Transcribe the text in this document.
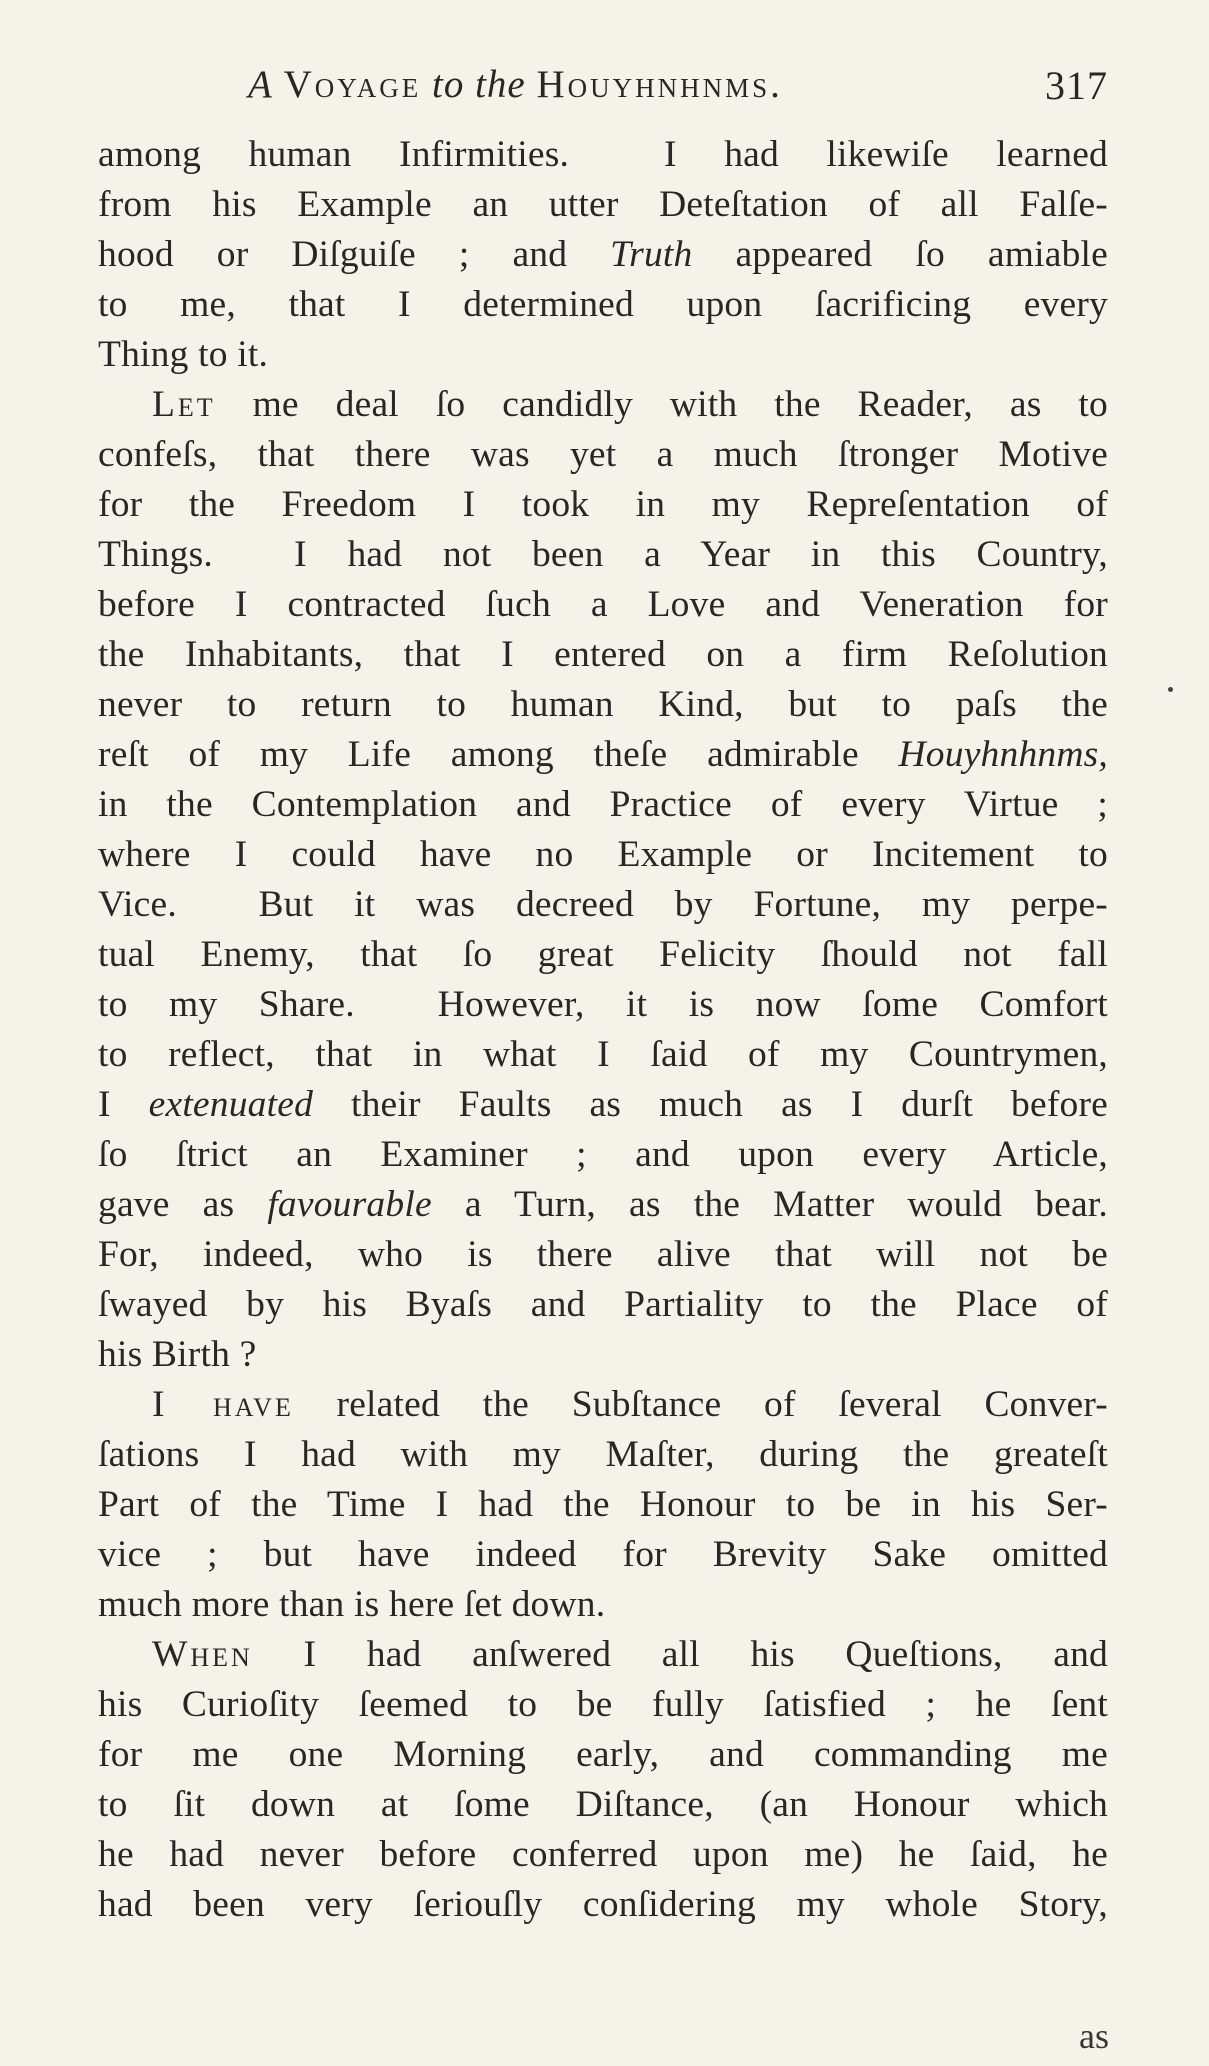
A Voyage to the Houyhnhnms.	317
among human Infirmities.  I had likewiſe learned
from his Example an utter Deteſtation of all Falſe-
hood or Diſguiſe ; and Truth appeared ſo amiable
to me, that I determined upon ſacrificing every
Thing to it.
Let me deal ſo candidly with the Reader, as to
confeſs, that there was yet a much ſtronger Motive
for the Freedom I took in my Repreſentation of
Things.  I had not been a Year in this Country,
before I contracted ſuch a Love and Veneration for
the Inhabitants, that I entered on a firm Reſolution
never to return to human Kind, but to paſs the
reſt of my Life among theſe admirable Houyhnhnms,
in the Contemplation and Practice of every Virtue ;
where I could have no Example or Incitement to
Vice.  But it was decreed by Fortune, my perpe-
tual Enemy, that ſo great Felicity ſhould not fall
to my Share.  However, it is now ſome Comfort
to reflect, that in what I ſaid of my Countrymen,
I extenuated their Faults as much as I durſt before
ſo ſtrict an Examiner ; and upon every Article,
gave as favourable a Turn, as the Matter would bear.
For, indeed, who is there alive that will not be
ſwayed by his Byaſs and Partiality to the Place of
his Birth ?
I have related the Subſtance of ſeveral Conver-
ſations I had with my Maſter, during the greateſt
Part of the Time I had the Honour to be in his Ser-
vice ; but have indeed for Brevity Sake omitted
much more than is here ſet down.
When I had anſwered all his Queſtions, and
his Curioſity ſeemed to be fully ſatisfied ; he ſent
for me one Morning early, and commanding me
to ſit down at ſome Diſtance, (an Honour which
he had never before conferred upon me) he ſaid, he
had been very ſeriouſly conſidering my whole Story,
as
